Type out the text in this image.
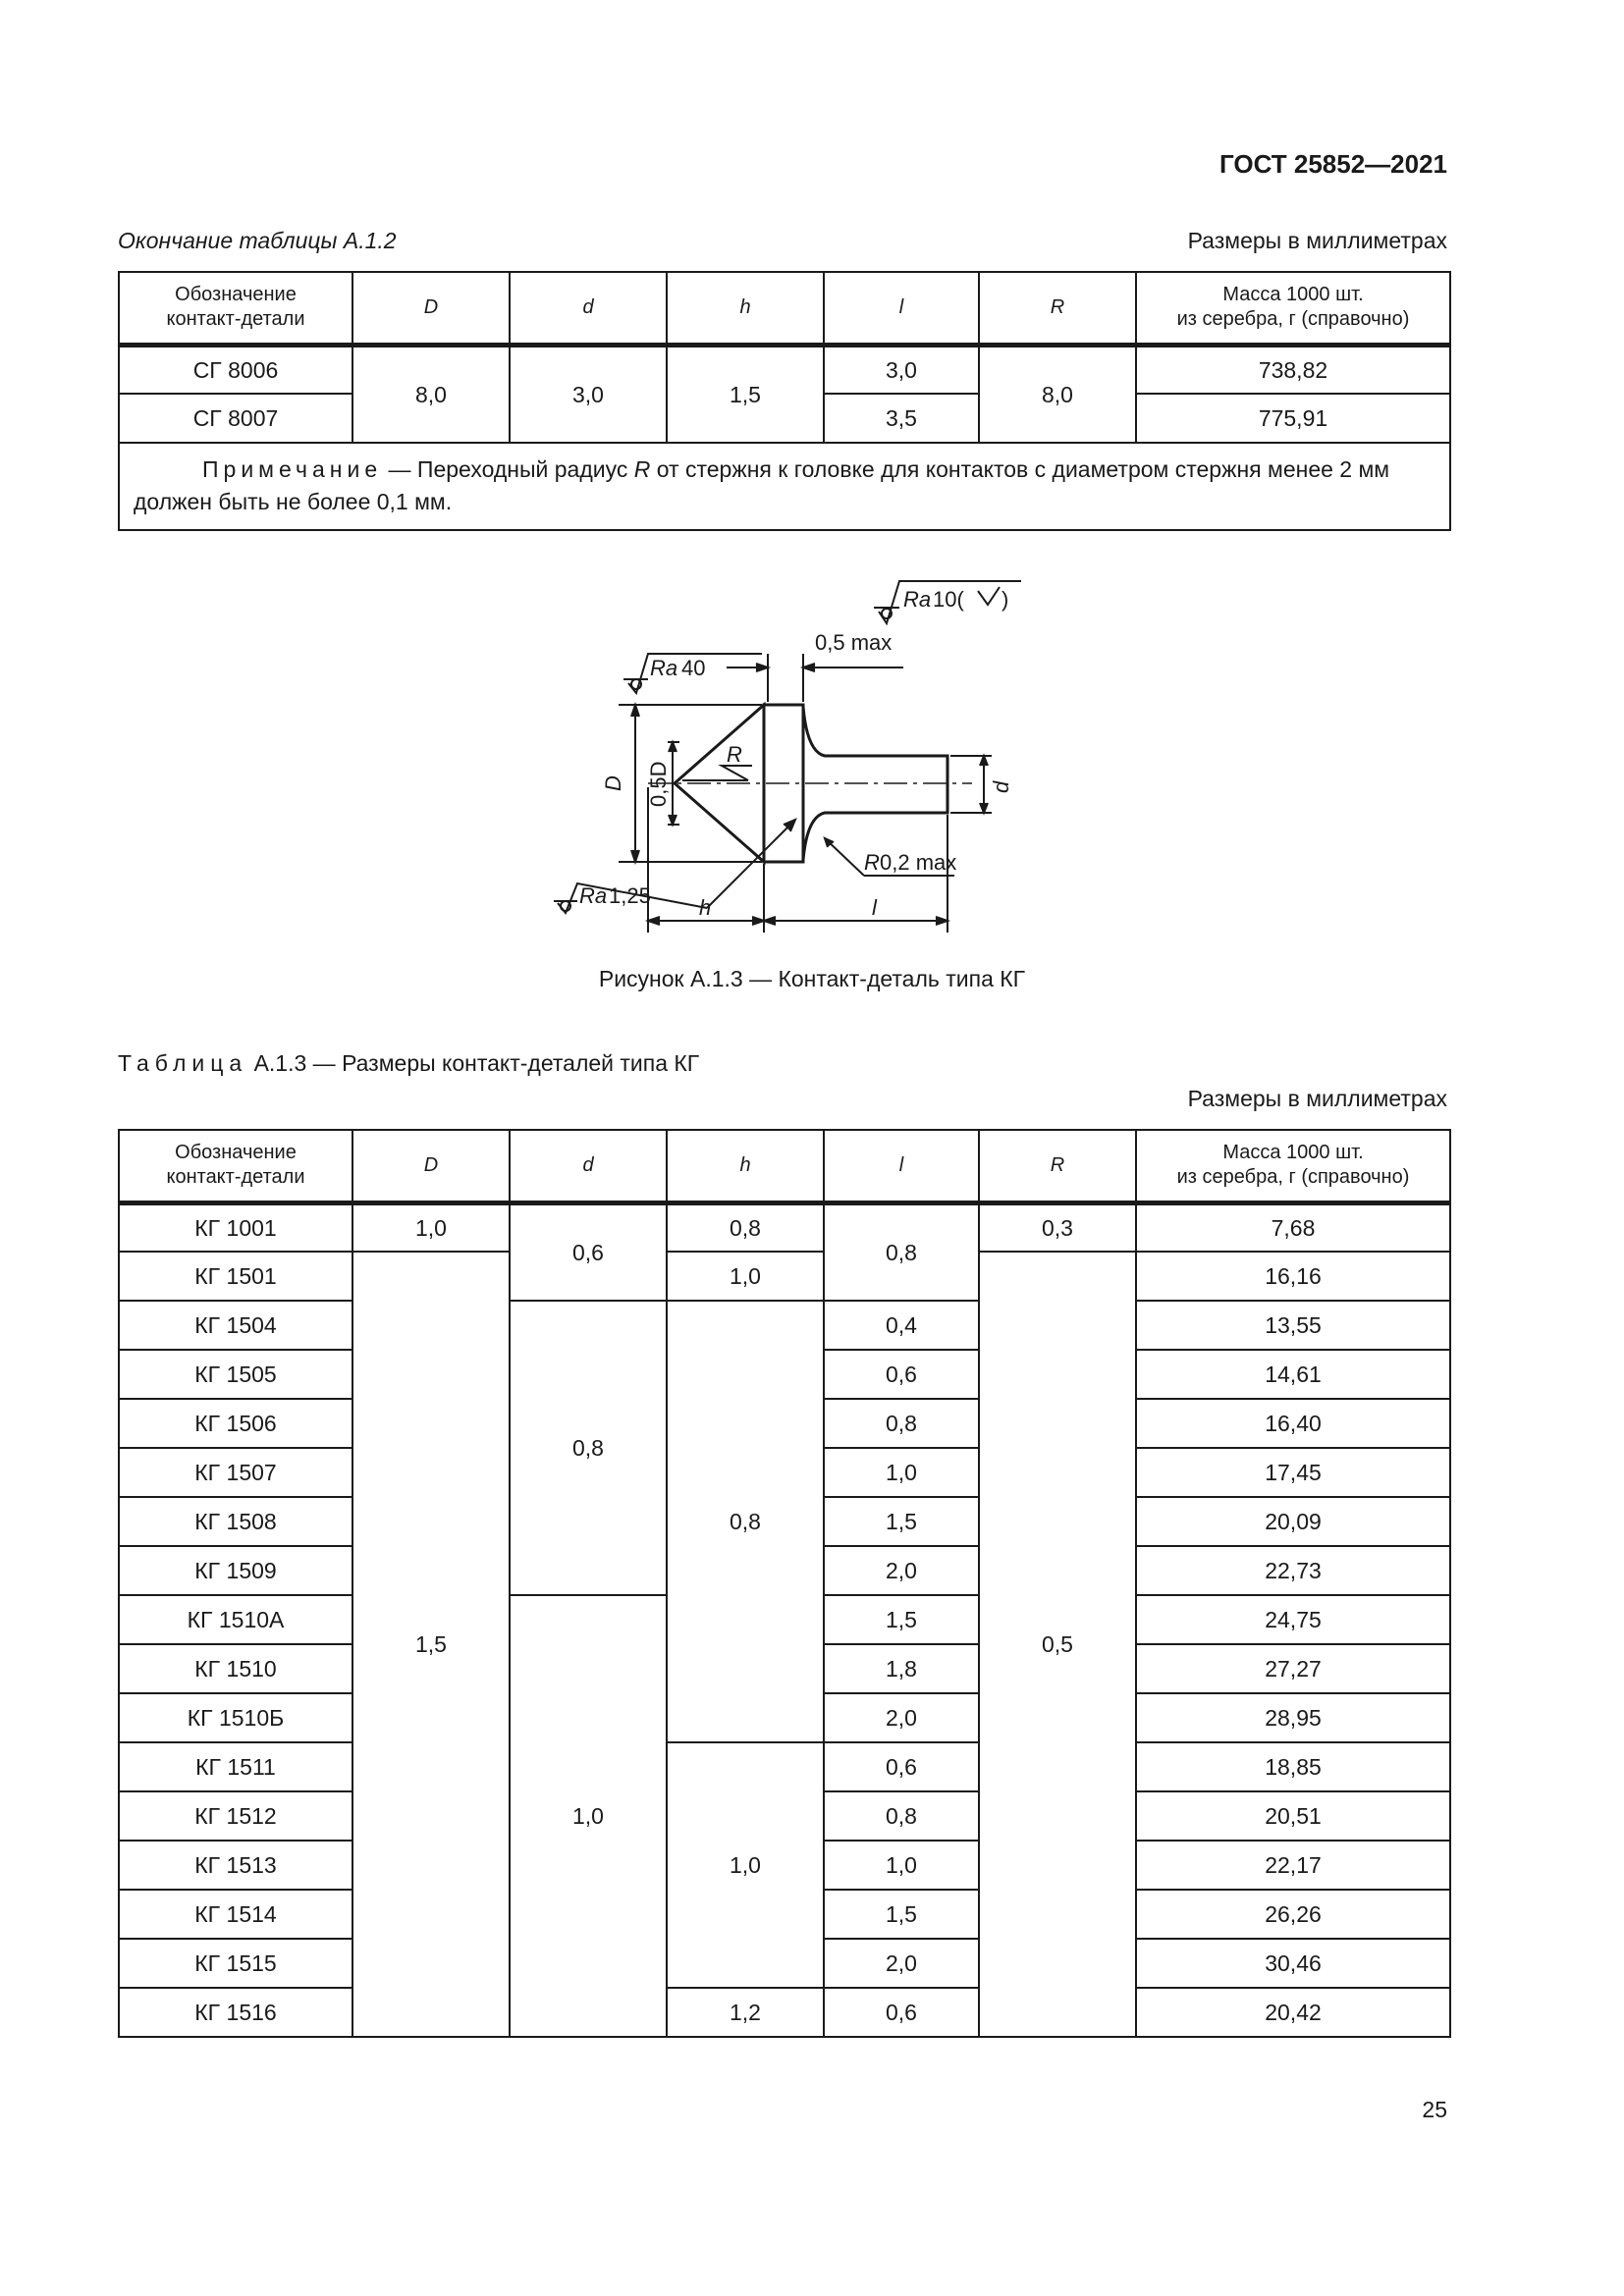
ГОСТ 25852—2021
Окончание таблицы А.1.2	Размеры в миллиметрах
Обозначение
контакт-детали	D	d	h	l	R	Масса 1000 шт.
из серебра, г (справочно)
СГ 8006	8,0	3,0	1,5	3,0	8,0	738,82
СГ 8007				3,5		775,91
Примечание — Переходный радиус R от стержня к головке для контактов с диаметром стержня менее 2 мм должен быть не более 0,1 мм.						
Ra 10( )
0,5 max
Ra 40
D 0,5D
R
d
R 0,2 max
Ra 1,25 h	l
Рисунок А.1.3 — Контакт-деталь типа КГ
Таблица А.1.3 — Размеры контакт-деталей типа КГ
Размеры в миллиметрах
Обозначение
контакт-детали	D	d	h	l	R	Масса 1000 шт.
из серебра, г (справочно)
КГ 1001	1,0	0,6	0,8	0,8	0,3	7,68
КГ 1501	1,5		1,0		0,5	16,16
КГ 1504		0,8	0,8	0,4		13,55
КГ 1505				0,6		14,61
КГ 1506				0,8		16,40
КГ 1507				1,0		17,45
КГ 1508				1,5		20,09
КГ 1509				2,0		22,73
КГ 1510А		1,0		1,5		24,75
КГ 1510				1,8		27,27
КГ 1510Б				2,0		28,95
КГ 1511			1,0	0,6		18,85
КГ 1512				0,8		20,51
КГ 1513				1,0		22,17
КГ 1514				1,5		26,26
КГ 1515				2,0		30,46
КГ 1516			1,2	0,6		20,42
25
